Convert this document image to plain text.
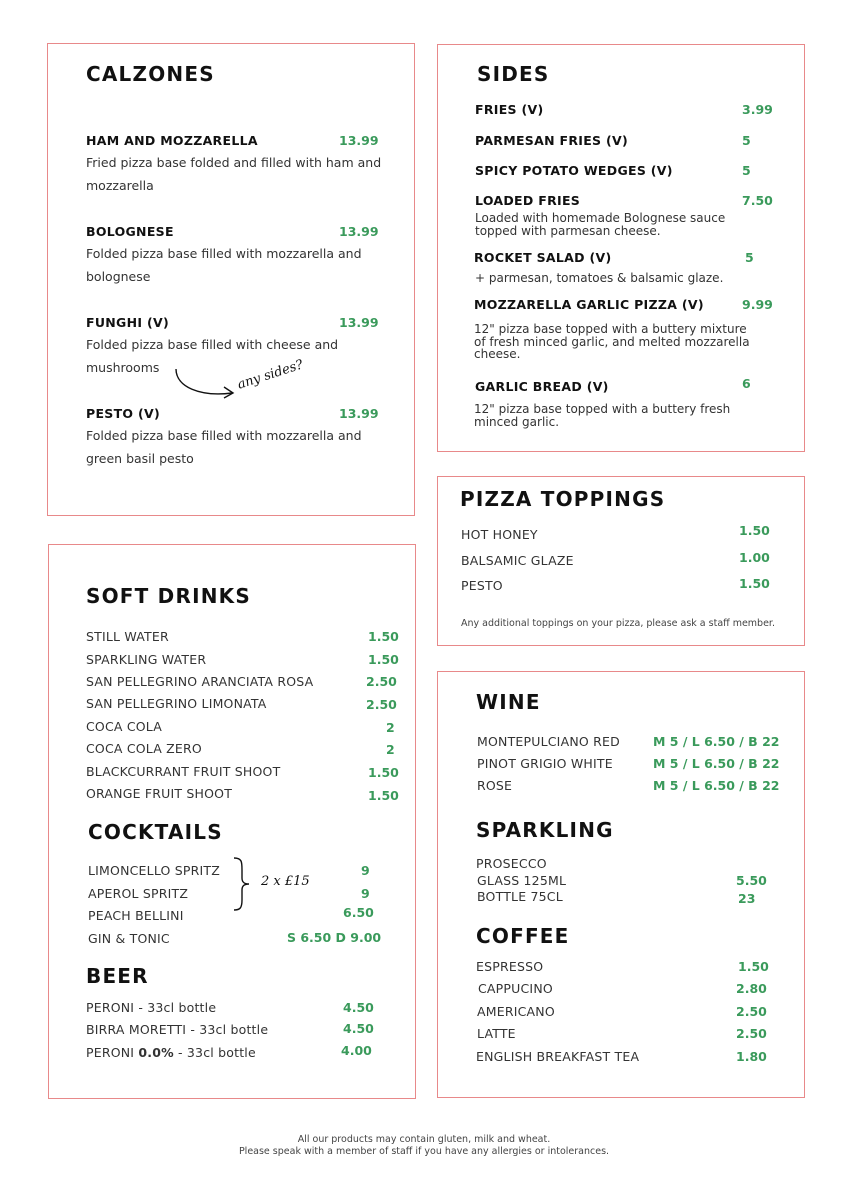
CALZONES
HAM AND MOZZARELLA	13.99
Fried pizza base folded and filled with ham and mozzarella
BOLOGNESE	13.99
Folded pizza base filled with mozzarella and bolognese
FUNGHI (V)	13.99
Folded pizza base filled with cheese and mushrooms
PESTO (V)	13.99
Folded pizza base filled with mozzarella and green basil pesto
any sides?
SIDES
FRIES (V)	3.99
PARMESAN FRIES (V)	5
SPICY POTATO WEDGES (V)	5
LOADED FRIES	7.50
Loaded with homemade Bolognese sauce topped with parmesan cheese.
ROCKET SALAD (V)	5
+ parmesan, tomatoes & balsamic glaze.
MOZZARELLA GARLIC PIZZA (V)	9.99
12" pizza base topped with a buttery mixture of fresh minced garlic, and melted mozzarella cheese.
GARLIC BREAD (V)	6
12" pizza base topped with a buttery fresh minced garlic.
PIZZA TOPPINGS
HOT HONEY	1.50
BALSAMIC GLAZE	1.00
PESTO	1.50
Any additional toppings on your pizza, please ask a staff member.
SOFT DRINKS
STILL WATER	1.50
SPARKLING WATER	1.50
SAN PELLEGRINO ARANCIATA ROSA	2.50
SAN PELLEGRINO LIMONATA	2.50
COCA COLA	2
COCA COLA ZERO	2
BLACKCURRANT FRUIT SHOOT	1.50
ORANGE FRUIT SHOOT	1.50
COCKTAILS
LIMONCELLO SPRITZ	9
APEROL SPRITZ	9
PEACH BELLINI	6.50
GIN & TONIC	S 6.50 D 9.00
2 x £15
BEER
PERONI - 33cl bottle	4.50
BIRRA MORETTI - 33cl bottle	4.50
PERONI 0.0% - 33cl bottle	4.00
WINE
MONTEPULCIANO RED	M 5 / L 6.50 / B 22
PINOT GRIGIO WHITE	M 5 / L 6.50 / B 22
ROSE	M 5 / L 6.50 / B 22
SPARKLING
PROSECCO
GLASS 125ML	5.50
BOTTLE 75CL	23
COFFEE
ESPRESSO	1.50
CAPPUCINO	2.80
AMERICANO	2.50
LATTE	2.50
ENGLISH BREAKFAST TEA	1.80
All our products may contain gluten, milk and wheat.
Please speak with a member of staff if you have any allergies or intolerances.
